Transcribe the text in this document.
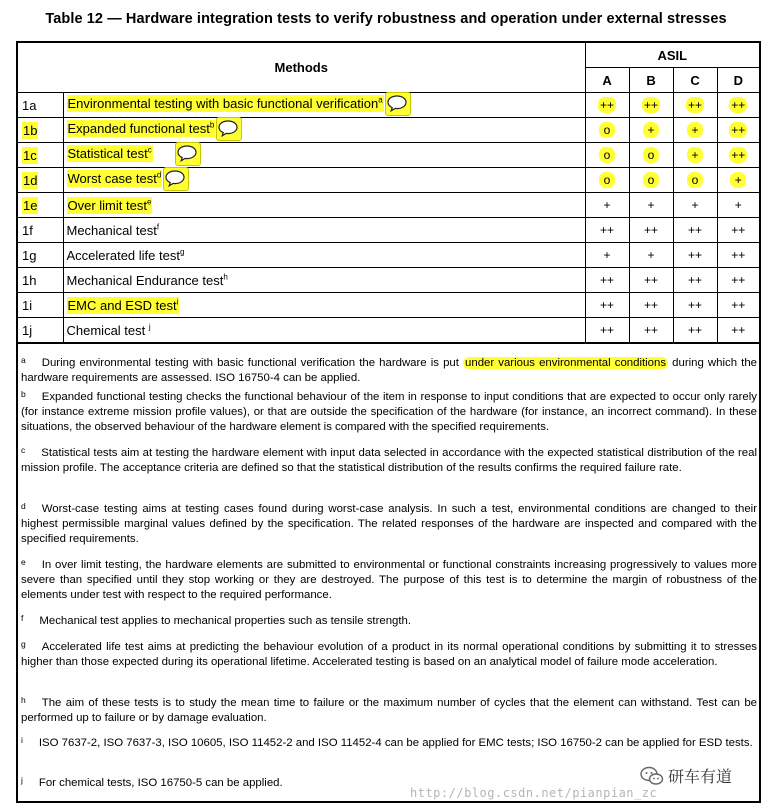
Table 12 — Hardware integration tests to verify robustness and operation under external stresses
Methods		ASIL			
		A	B	C	D
1a	Environmental testing with basic functional verification$^a$	++	++	++	++
1b	Expanded functional test$^b$	o	+	+	++
1c	Statistical test$^c$	o	o	+	++
1d	Worst case test$^d$	o	o	o	+
1e	Over limit test$^e$	+	+	+	+
1f	Mechanical test$^f$	++	++	++	++
1g	Accelerated life test$^g$	+	+	++	++
1h	Mechanical Endurance test$^h$	++	++	++	++
1i	EMC and ESD test$^i$	++	++	++	++
1j	Chemical test $^j$	++	++	++	++
$^a$ During environmental testing with basic functional verification the hardware is put under various environmental conditions during which the hardware requirements are assessed. ISO 16750-4 can be applied.
$^b$ Expanded functional testing checks the functional behaviour of the item in response to input conditions that are expected to occur only rarely (for instance extreme mission profile values), or that are outside the specification of the hardware (for instance, an incorrect command). In these situations, the observed behaviour of the hardware element is compared with the specified requirements.
$^c$ Statistical tests aim at testing the hardware element with input data selected in accordance with the expected statistical distribution of the real mission profile. The acceptance criteria are defined so that the statistical distribution of the results confirms the required failure rate.
$^d$ Worst-case testing aims at testing cases found during worst-case analysis. In such a test, environmental conditions are changed to their highest permissible marginal values defined by the specification. The related responses of the hardware are inspected and compared with the specified requirements.
$^e$ In over limit testing, the hardware elements are submitted to environmental or functional constraints increasing progressively to values more severe than specified until they stop working or they are destroyed. The purpose of this test is to determine the margin of robustness of the elements under test with respect to the required performance.
$^f$ Mechanical test applies to mechanical properties such as tensile strength.
$^g$ Accelerated life test aims at predicting the behaviour evolution of a product in its normal operational conditions by submitting it to stresses higher than those expected during its operational lifetime. Accelerated testing is based on an analytical model of failure mode acceleration.
$^h$ The aim of these tests is to study the mean time to failure or the maximum number of cycles that the element can withstand. Test can be performed up to failure or by damage evaluation.
$^i$ ISO 7637-2, ISO 7637-3, ISO 10605, ISO 11452-2 and ISO 11452-4 can be applied for EMC tests; ISO 16750-2 can be applied for ESD tests.
$^j$ For chemical tests, ISO 16750-5 can be applied.	研车有道
http://blog.csdn.net/pianpian_zc
